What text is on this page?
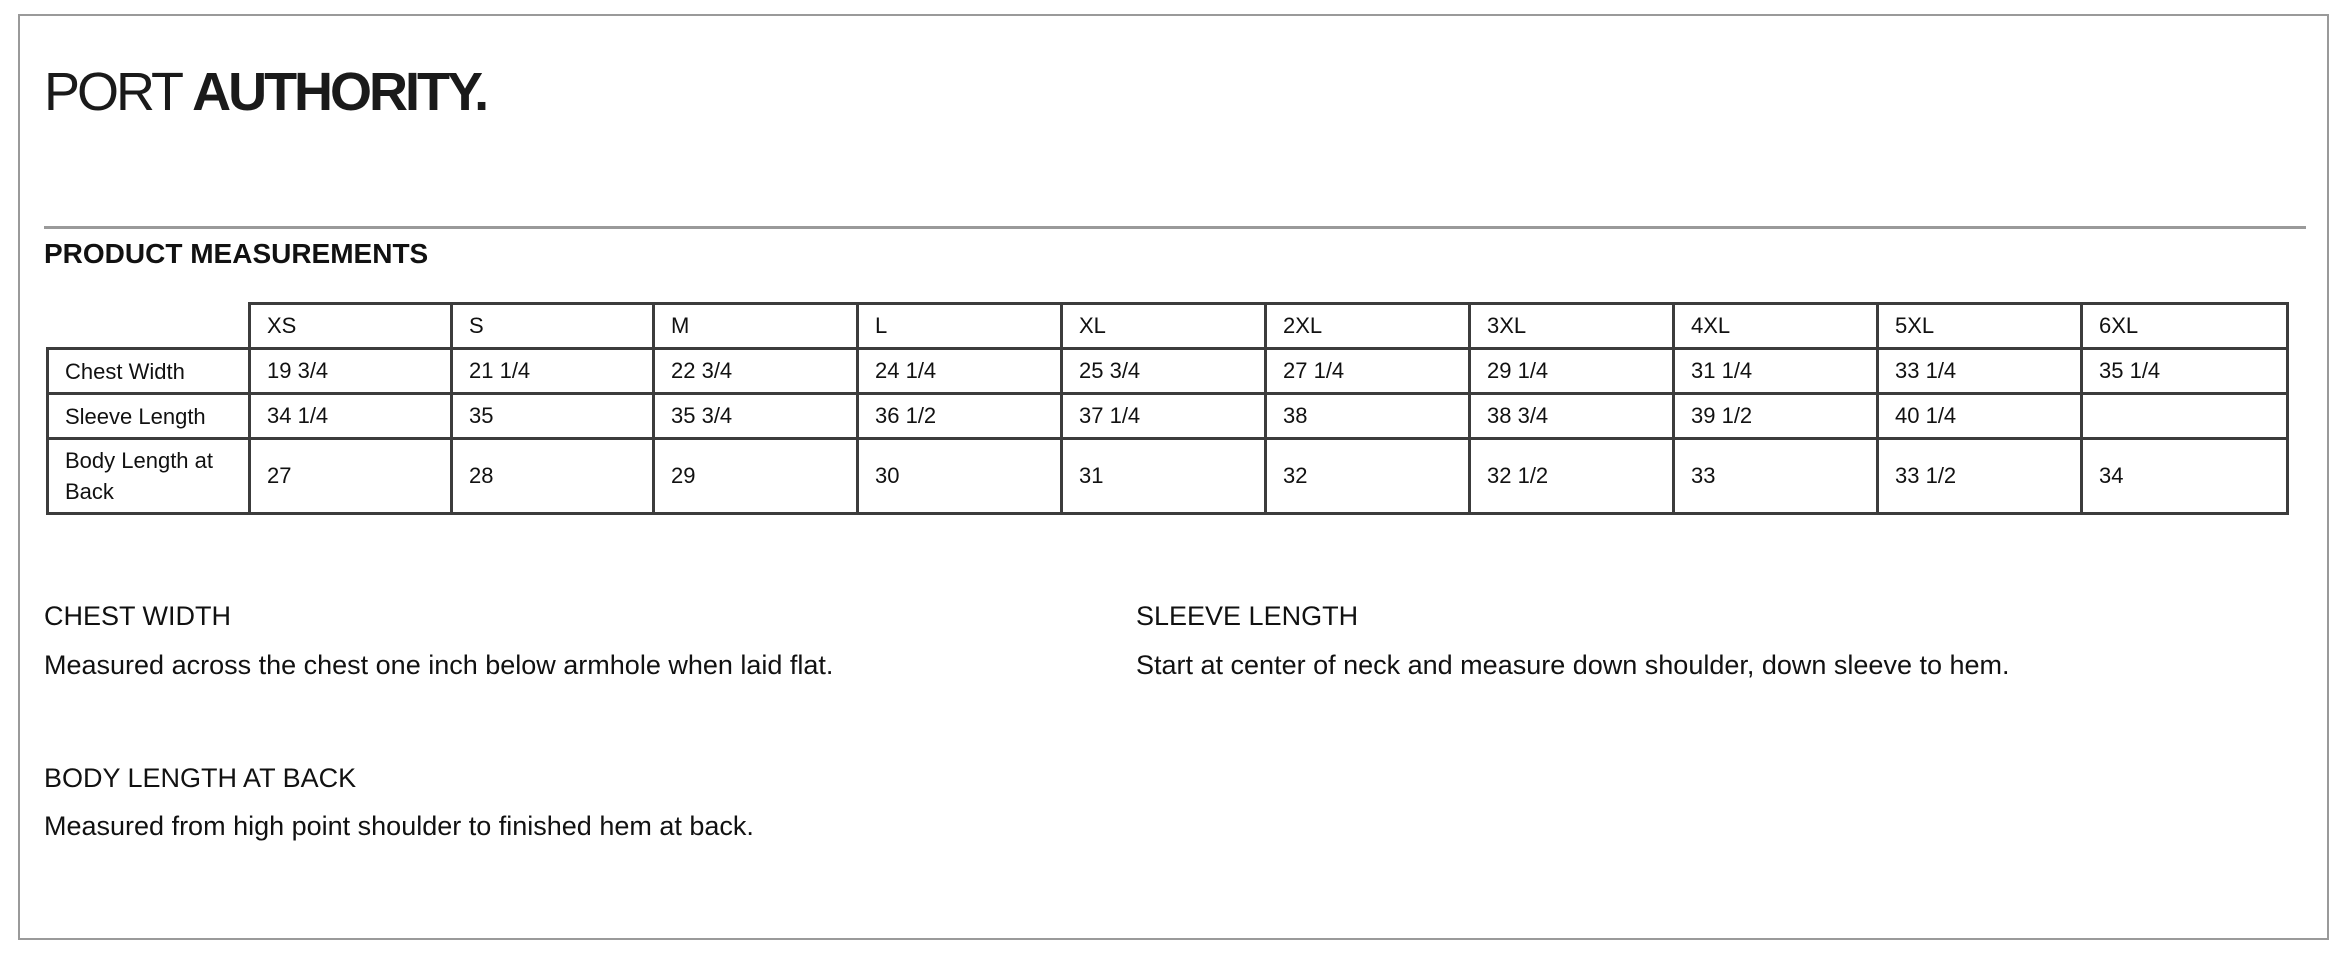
PORT AUTHORITY.
PRODUCT MEASUREMENTS
	XS	S	M	L	XL	2XL	3XL	4XL	5XL	6XL
Chest Width	19 3/4	21 1/4	22 3/4	24 1/4	25 3/4	27 1/4	29 1/4	31 1/4	33 1/4	35 1/4
Sleeve Length	34 1/4	35	35 3/4	36 1/2	37 1/4	38	38 3/4	39 1/2	40 1/4	
Body Length at Back	27	28	29	30	31	32	32 1/2	33	33 1/2	34
CHEST WIDTH
Measured across the chest one inch below armhole when laid flat.
SLEEVE LENGTH
Start at center of neck and measure down shoulder, down sleeve to hem.
BODY LENGTH AT BACK
Measured from high point shoulder to finished hem at back.
